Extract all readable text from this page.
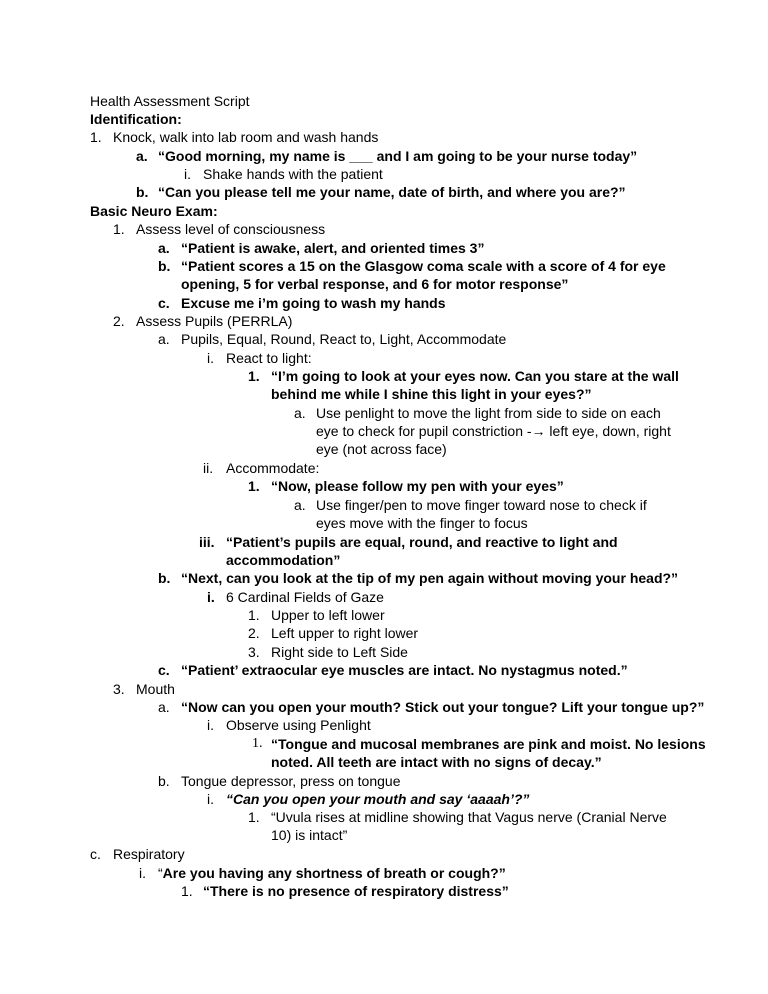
Health Assessment Script
Identification:
1. Knock, walk into lab room and wash hands
a. “Good morning, my name is ___ and I am going to be your nurse today”
i. Shake hands with the patient
b. “Can you please tell me your name, date of birth, and where you are?”
Basic Neuro Exam:
1. Assess level of consciousness
a. “Patient is awake, alert, and oriented times 3”
b. “Patient scores a 15 on the Glasgow coma scale with a score of 4 for eye
opening, 5 for verbal response, and 6 for motor response”
c. Excuse me i’m going to wash my hands
2. Assess Pupils (PERRLA)
a. Pupils, Equal, Round, React to, Light, Accommodate
i. React to light:
1. “I’m going to look at your eyes now. Can you stare at the wall
behind me while I shine this light in your eyes?”
a. Use penlight to move the light from side to side on each
eye to check for pupil constriction -→ left eye, down, right
eye (not across face)
ii. Accommodate:
1. “Now, please follow my pen with your eyes”
a. Use finger/pen to move finger toward nose to check if
eyes move with the finger to focus
iii. “Patient’s pupils are equal, round, and reactive to light and
accommodation”
b. “Next, can you look at the tip of my pen again without moving your head?”
i. 6 Cardinal Fields of Gaze
1. Upper to left lower
2. Left upper to right lower
3. Right side to Left Side
c. “Patient’ extraocular eye muscles are intact. No nystagmus noted.”
3. Mouth
a. “Now can you open your mouth? Stick out your tongue? Lift your tongue up?”
i. Observe using Penlight
1. “Tongue and mucosal membranes are pink and moist. No lesions
noted. All teeth are intact with no signs of decay.”
b. Tongue depressor, press on tongue
i. “Can you open your mouth and say ‘aaaah’?”
1. “Uvula rises at midline showing that Vagus nerve (Cranial Nerve
10) is intact”
c. Respiratory
i. “Are you having any shortness of breath or cough?”
1. “There is no presence of respiratory distress”
